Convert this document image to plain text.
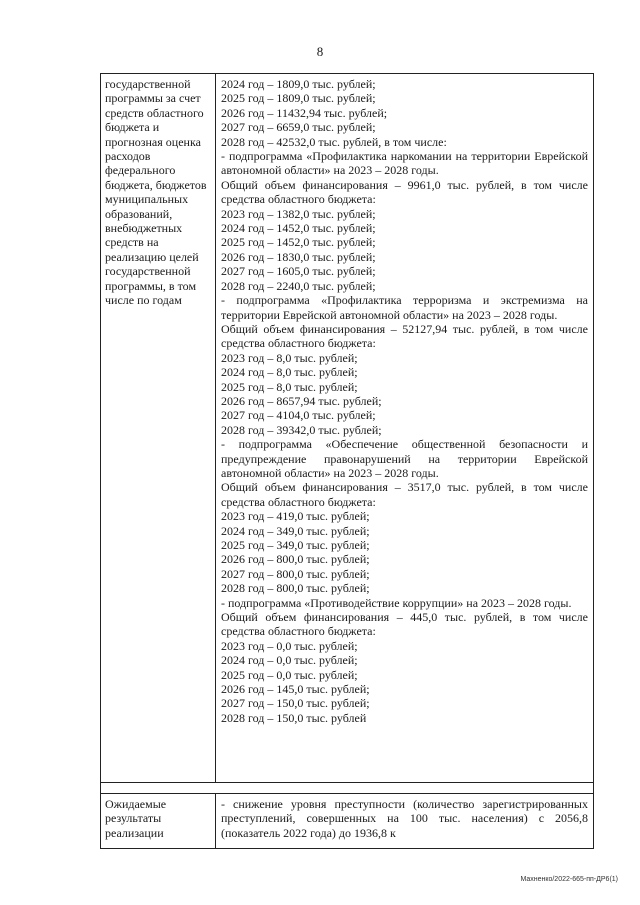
8
государственной программы за счет средств областного бюджета и прогнозная оценка расходов федерального бюджета, бюджетов муниципальных образований, внебюджетных средств на реализацию целей государственной программы, в том числе по годам
2024 год – 1809,0 тыс. рублей;
2025 год – 1809,0 тыс. рублей;
2026 год – 11432,94 тыс. рублей;
2027 год – 6659,0 тыс. рублей;
2028 год – 42532,0 тыс. рублей, в том числе:
- подпрограмма «Профилактика наркомании на территории Еврейской автономной области» на 2023 – 2028 годы.
Общий объем финансирования – 9961,0 тыс. рублей, в том числе средства областного бюджета:
2023 год – 1382,0 тыс. рублей;
2024 год – 1452,0 тыс. рублей;
2025 год – 1452,0 тыс. рублей;
2026 год – 1830,0 тыс. рублей;
2027 год – 1605,0 тыс. рублей;
2028 год – 2240,0 тыс. рублей;
- подпрограмма «Профилактика терроризма и экстремизма на территории Еврейской автономной области» на 2023 – 2028 годы.
Общий объем финансирования – 52127,94 тыс. рублей, в том числе средства областного бюджета:
2023 год – 8,0 тыс. рублей;
2024 год – 8,0 тыс. рублей;
2025 год – 8,0 тыс. рублей;
2026 год – 8657,94 тыс. рублей;
2027 год – 4104,0 тыс. рублей;
2028 год – 39342,0 тыс. рублей;
- подпрограмма «Обеспечение общественной безопасности и предупреждение правонарушений на территории Еврейской автономной области» на 2023 – 2028 годы.
Общий объем финансирования – 3517,0 тыс. рублей, в том числе средства областного бюджета:
2023 год – 419,0 тыс. рублей;
2024 год – 349,0 тыс. рублей;
2025 год – 349,0 тыс. рублей;
2026 год – 800,0 тыс. рублей;
2027 год – 800,0 тыс. рублей;
2028 год – 800,0 тыс. рублей;
- подпрограмма «Противодействие коррупции» на 2023 – 2028 годы.
Общий объем финансирования – 445,0 тыс. рублей, в том числе средства областного бюджета:
2023 год – 0,0 тыс. рублей;
2024 год – 0,0 тыс. рублей;
2025 год – 0,0 тыс. рублей;
2026 год – 145,0 тыс. рублей;
2027 год – 150,0 тыс. рублей;
2028 год – 150,0 тыс. рублей
Ожидаемые результаты реализации
- снижение уровня преступности (количество зарегистрированных преступлений, совершенных на 100 тыс. населения) с 2056,8 (показатель 2022 года) до 1936,8 к
Мaxненко/2022-665-пп-ДР6(1)
